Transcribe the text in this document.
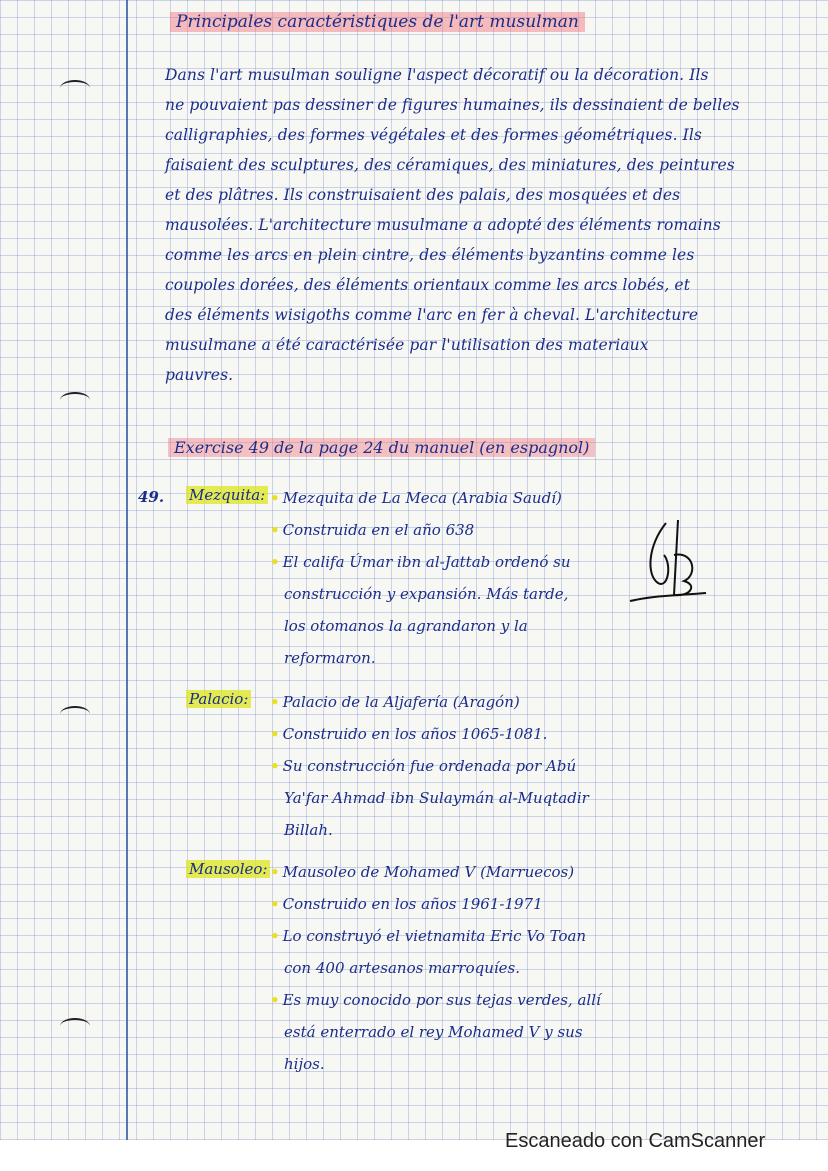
Principales caractéristiques de l'art musulman
Dans l'art musulman souligne l'aspect décoratif ou la décoration. Ils
ne pouvaient pas dessiner de figures humaines, ils dessinaient de belles
calligraphies, des formes végétales et des formes géométriques. Ils
faisaient des sculptures, des céramiques, des miniatures, des peintures
et des plâtres. Ils construisaient des palais, des mosquées et des
mausolées. L'architecture musulmane a adopté des éléments romains
comme les arcs en plein cintre, des éléments byzantins comme les
coupoles dorées, des éléments orientaux comme les arcs lobés, et
des éléments wisigoths comme l'arc en fer à cheval. L'architecture
musulmane a été caractérisée par l'utilisation des materiaux
pauvres.
Exercise 49 de la page 24 du manuel (en espagnol)
49. Mezquita: • Mezquita de La Meca (Arabia Saudí)
• Construida en el año 638
• El califa Úmar ibn al-Jattab ordenó su
construcción y expansión. Más tarde,
los otomanos la agrandaron y la
reformaron.
Palacio: • Palacio de la Aljafería (Aragón)
• Construido en los años 1065-1081.
• Su construcción fue ordenada por Abú
Ya'far Ahmad ibn Sulaymán al-Muqtadir
Billah.
Mausoleo: • Mausoleo de Mohamed V (Marruecos)
• Construido en los años 1961-1971
• Lo construyó el vietnamita Eric Vo Toan
con 400 artesanos marroquíes.
• Es muy conocido por sus tejas verdes, allí
está enterrado el rey Mohamed V y sus
hijos.
Escaneado con CamScanner
